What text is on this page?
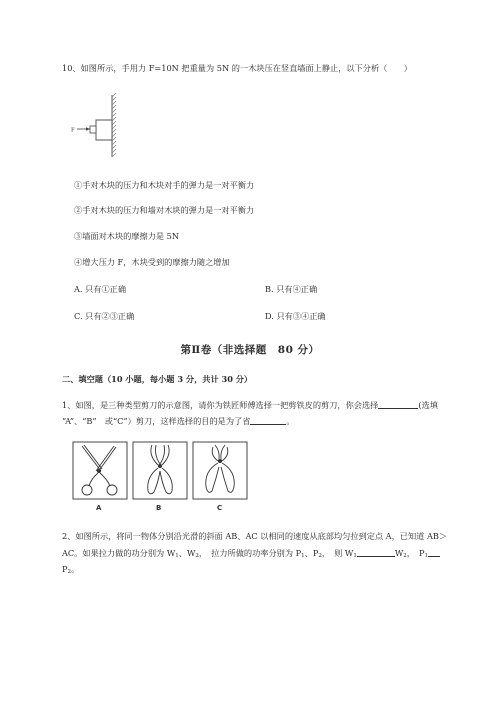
10、如图所示，手用力 F=10N 把重量为 5N 的一木块压在竖直墙面上静止，以下分析（　　）
F
①手对木块的压力和木块对手的弹力是一对平衡力
②手对木块的压力和墙对木块的弹力是一对平衡力
③墙面对木块的摩擦力是 5N
④增大压力 F，木块受到的摩擦力随之增加
A. 只有①正确	B. 只有④正确
C. 只有②③正确	D. 只有③④正确
第Ⅱ卷（非选择题　80 分）
二、填空题（10 小题，每小题 3 分，共计 30 分）
1、如图，是三种类型剪刀的示意图，请你为铁匠师傅选择一把剪铁皮的剪刀，你会选择	(选填
“A”、“B”　或“C”）剪刀，这样选择的目的是为了省	。
A	B	C
2、如图所示，将同一物体分别沿光滑的斜面 AB、AC 以相同的速度从底部均匀拉到定点 A，已知道 AB＞
AC。如果拉力做的功分别为 $W_1$、$W_2$，　拉力所做的功率分别为 $P_1$、$P_2$，　则 $W_1$	$W_2$，　$P_1$
$P_2$。
